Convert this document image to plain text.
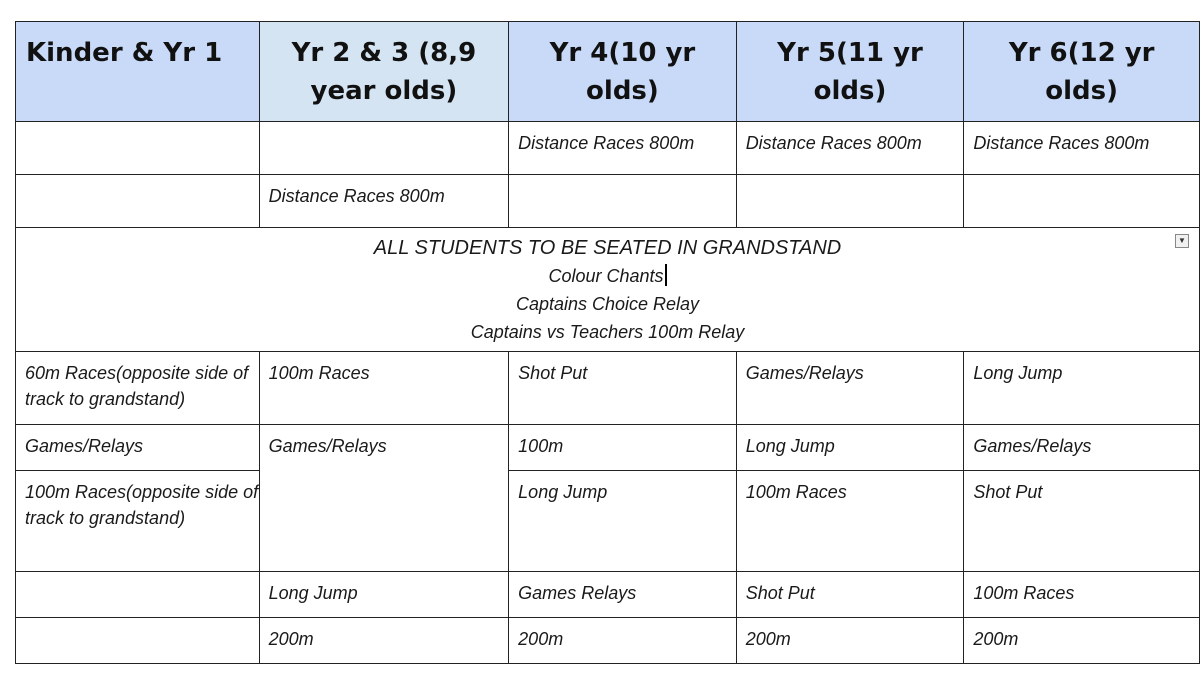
Kinder & Yr 1	Yr 2 & 3 (8,9 year olds)	Yr 4(10 yr olds)	Yr 5(11 yr olds)	Yr 6(12 yr olds)
		Distance Races 800m	Distance Races 800m	Distance Races 800m
	Distance Races 800m			

ALL STUDENTS TO BE SEATED IN GRANDSTAND
Colour Chants
Captains Choice Relay
Captains vs Teachers 100m Relay
▼				

60m Races(opposite side of track to grandstand)	100m Races	Shot Put	Games/Relays	Long Jump
Games/Relays	Games/Relays	100m	Long Jump	Games/Relays
100m Races(opposite side of track to grandstand)		Long Jump	100m Races	Shot Put
	Long Jump	Games Relays	Shot Put	100m Races
	200m	200m	200m	200m
